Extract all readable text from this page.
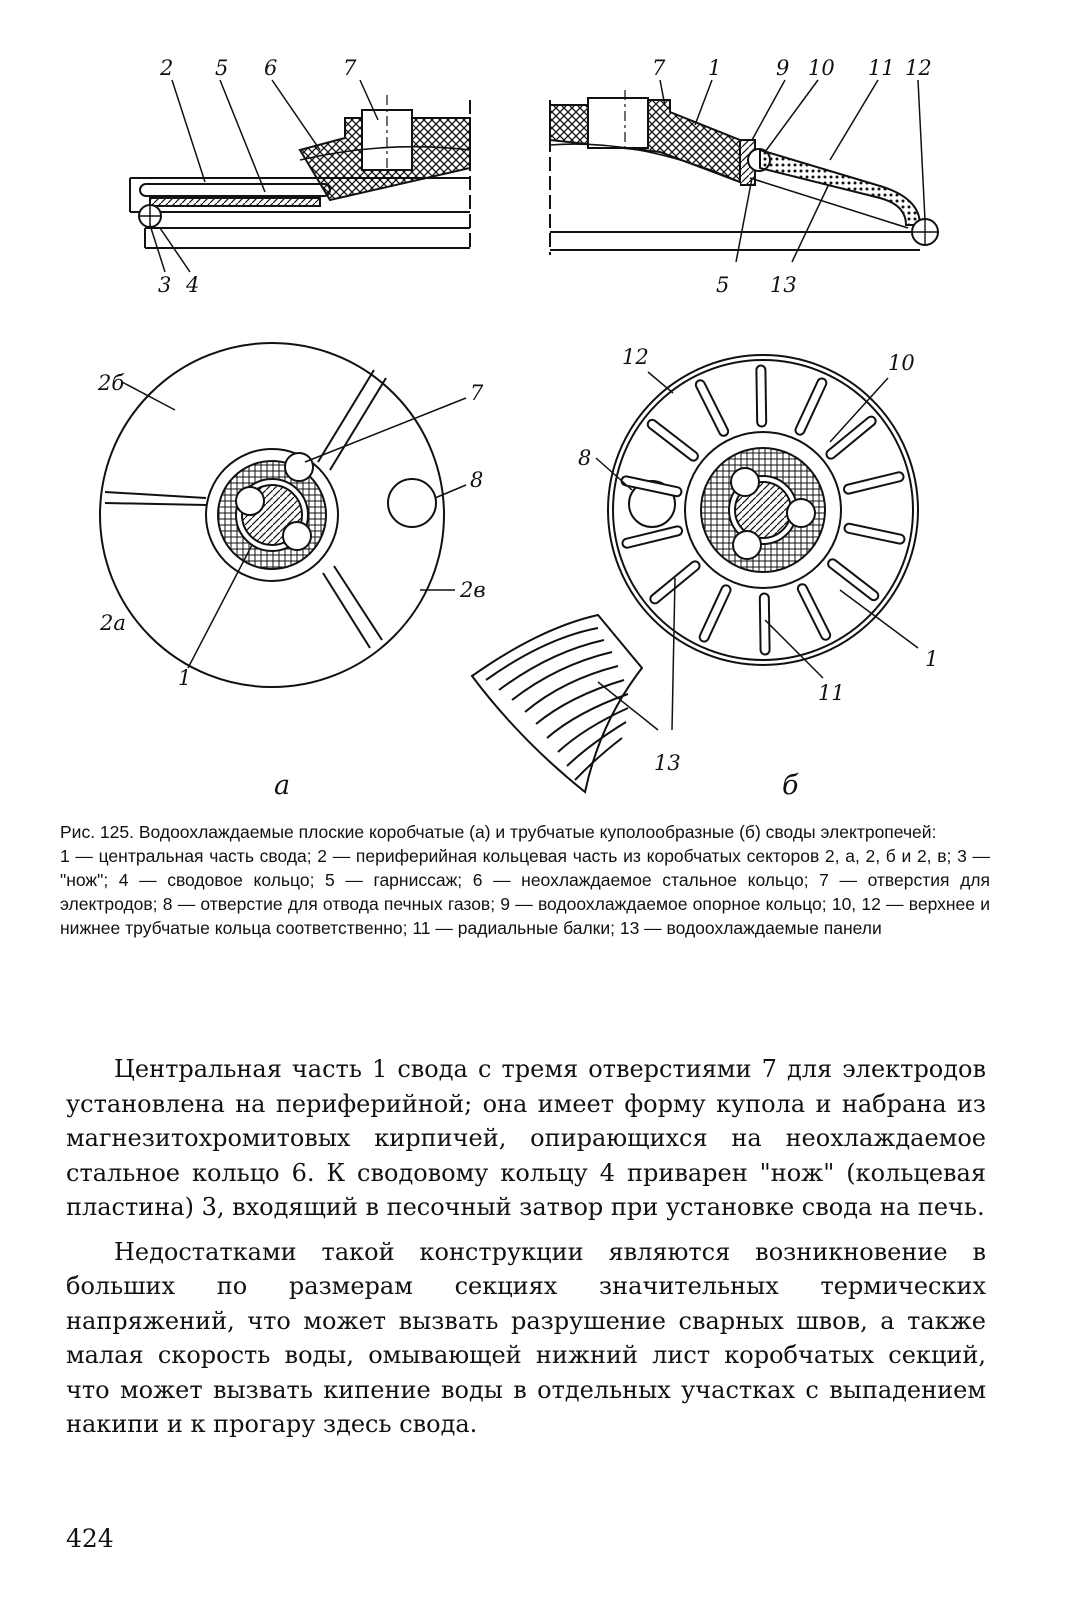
2 5 6	7
3 4
7 1	9 10 11 12
5 13
2б	7
8
2а
2в
1
12	10
8
1
11
13
а	б

Рис. 125. Водоохлаждаемые плоские коробчатые (а) и трубчатые куполообразные (б) своды электропечей:

1 — центральная часть свода; 2 — периферийная кольцевая часть из коробчатых секторов 2, а, 2, б и 2, в; 3 — "нож"; 4 — сводовое кольцо; 5 — гарниссаж; 6 — неохлаждаемое стальное кольцо; 7 — отверстия для электродов; 8 — отверстие для отвода печных газов; 9 — водоохлаждаемое опорное кольцо; 10, 12 — верхнее и нижнее трубчатые кольца соответственно; 11 — радиальные балки; 13 — водоохлаждаемые панели

Центральная часть 1 свода с тремя отверстиями 7 для электродов установлена на периферийной; она имеет форму купола и набрана из магнезитохромитовых кирпичей, опирающихся на неохлаждаемое стальное кольцо 6. К сводовому кольцу 4 приварен "нож" (кольцевая пластина) 3, входящий в песочный затвор при установке свода на печь.

Недостатками такой конструкции являются возникновение в больших по размерам секциях значительных термических напряжений, что может вызвать разрушение сварных швов, а также малая скорость воды, омывающей нижний лист коробчатых секций, что может вызвать кипение воды в отдельных участках с выпадением накипи и к прогару здесь свода.

424
